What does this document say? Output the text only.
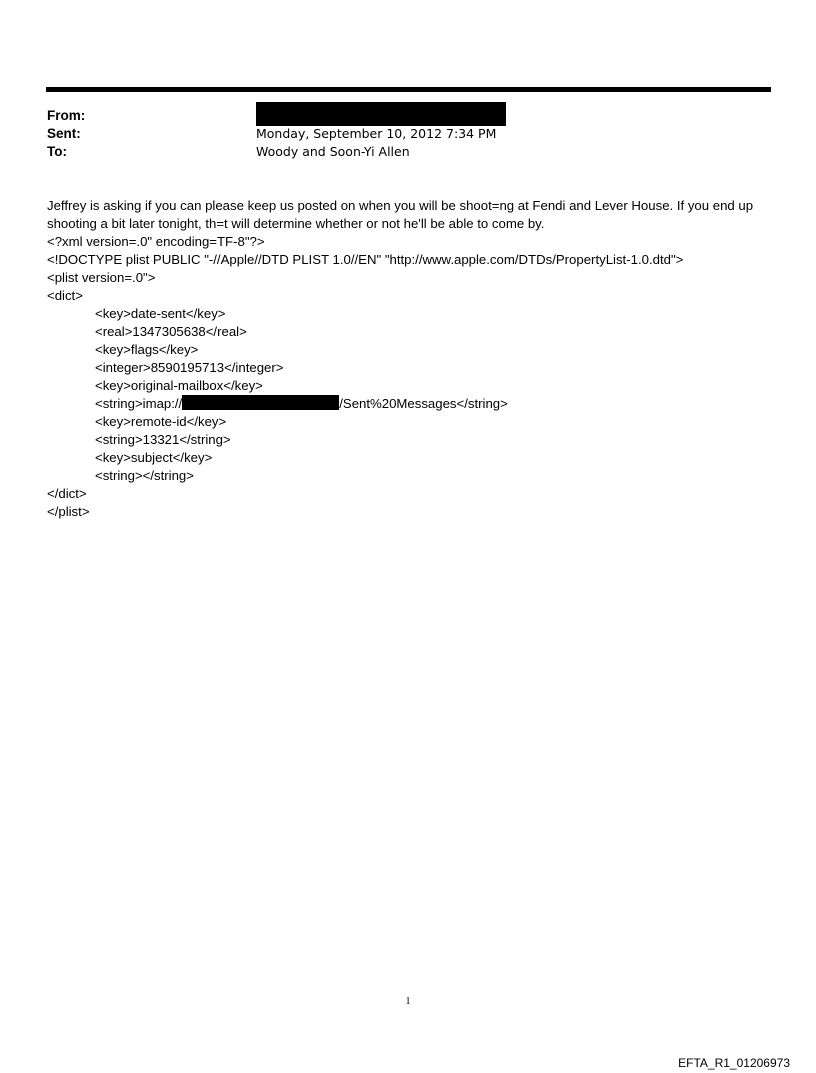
From:
Sent:	Monday, September 10, 2012 7:34 PM
To:	Woody and Soon-Yi Allen

Jeffrey is asking if you can please keep us posted on when you will be shoot=ng at Fendi and Lever House. If you end up shooting a bit later tonight, th=t will determine whether or not he'll be able to come by.

<?xml version=.0" encoding=TF-8"?>
<!DOCTYPE plist PUBLIC "-//Apple//DTD PLIST 1.0//EN" "http://www.apple.com/DTDs/PropertyList-1.0.dtd">
<plist version=.0">
<dict>
<key>date-sent</key>
<real>1347305638</real>
<key>flags</key>
<integer>8590195713</integer>
<key>original-mailbox</key>
<string>imap://	/Sent%20Messages</string>
<key>remote-id</key>
<string>13321</string>
<key>subject</key>
<string></string>
</dict>
</plist>
1
EFTA_R1_01206973
